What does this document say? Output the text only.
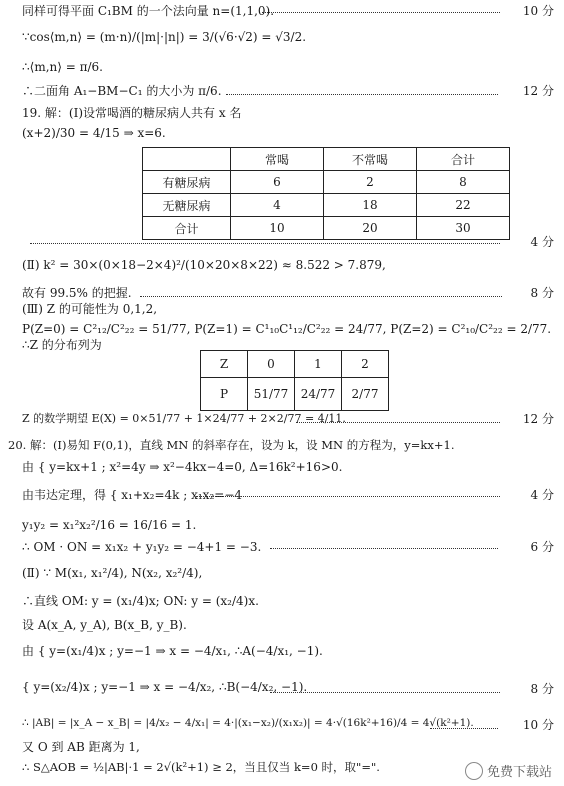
同样可得平面 C₁BM 的一个法向量 n=(1,1,0).	10 分
∵cos⟨m,n⟩ = (m·n)/(|m|·|n|) = 3/(√6·√2) = √3/2.
∴⟨m,n⟩ = π/6.
∴二面角 A₁−BM−C₁ 的大小为 π/6.	12 分
19. 解：(Ⅰ)设常喝酒的糖尿病人共有 x 名
(x+2)/30 = 4/15 ⇒ x=6.
	常喝	不常喝	合计
有糖尿病	6	2	8
无糖尿病	4	18	22
合计	10	20	30
4 分
(Ⅱ) k² = 30×(0×18−2×4)²/(10×20×8×22) ≈ 8.522 > 7.879,
故有 99.5% 的把握.	8 分
(Ⅲ) Z 的可能性为 0,1,2,
P(Z=0) = C²₁₂/C²₂₂ = 51/77, P(Z=1) = C¹₁₀C¹₁₂/C²₂₂ = 24/77, P(Z=2) = C²₁₀/C²₂₂ = 2/77.
∴Z 的分布列为
Z	0	1	2
P	51/77	24/77	2/77
Z 的数学期望 E(X) = 0×51/77 + 1×24/77 + 2×2/77 = 4/11.	12 分
20. 解：(Ⅰ)易知 F(0,1)，直线 MN 的斜率存在，设为 k，设 MN 的方程为，y=kx+1.
由 { y=kx+1 ; x²=4y ⇒ x²−4kx−4=0, Δ=16k²+16>0.
由韦达定理，得 { x₁+x₂=4k ; x₁x₂=−4	4 分
y₁y₂ = x₁²x₂²/16 = 16/16 = 1.
∴ OM · ON = x₁x₂ + y₁y₂ = −4+1 = −3.	6 分
(Ⅱ) ∵ M(x₁, x₁²/4), N(x₂, x₂²/4),
∴直线 OM: y = (x₁/4)x; ON: y = (x₂/4)x.
设 A(x_A, y_A), B(x_B, y_B).
由 { y=(x₁/4)x ; y=−1 ⇒ x = −4/x₁, ∴A(−4/x₁, −1).
{ y=(x₂/4)x ; y=−1 ⇒ x = −4/x₂, ∴B(−4/x₂, −1).	8 分
∴ |AB| = |x_A − x_B| = |4/x₂ − 4/x₁| = 4·|(x₁−x₂)/(x₁x₂)| = 4·√(16k²+16)/4 = 4√(k²+1).	10 分
又 O 到 AB 距离为 1,
∴ S△AOB = ½|AB|·1 = 2√(k²+1) ≥ 2，当且仅当 k=0 时，取"=".	免费下载站
